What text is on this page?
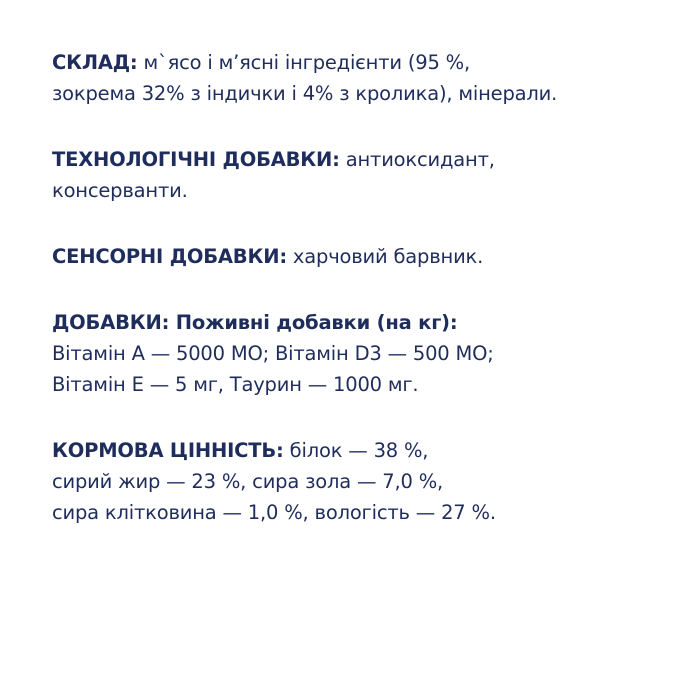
СКЛАД: м`ясо і м’ясні інгредієнти (95 %,
зокрема 32% з індички і 4% з кролика), мінерали.
ТЕХНОЛОГІЧНІ ДОБАВКИ: антиоксидант,
консерванти.
СЕНСОРНІ ДОБАВКИ: харчовий барвник.
ДОБАВКИ: Поживні добавки (на кг):
Вітамін А — 5000 МО; Вітамін D3 — 500 МО;
Вітамін Е — 5 мг, Таурин — 1000 мг.
КОРМОВА ЦІННІСТЬ: білок — 38 %,
сирий жир — 23 %, сира зола — 7,0 %,
сира клітковина — 1,0 %, вологість — 27 %.
